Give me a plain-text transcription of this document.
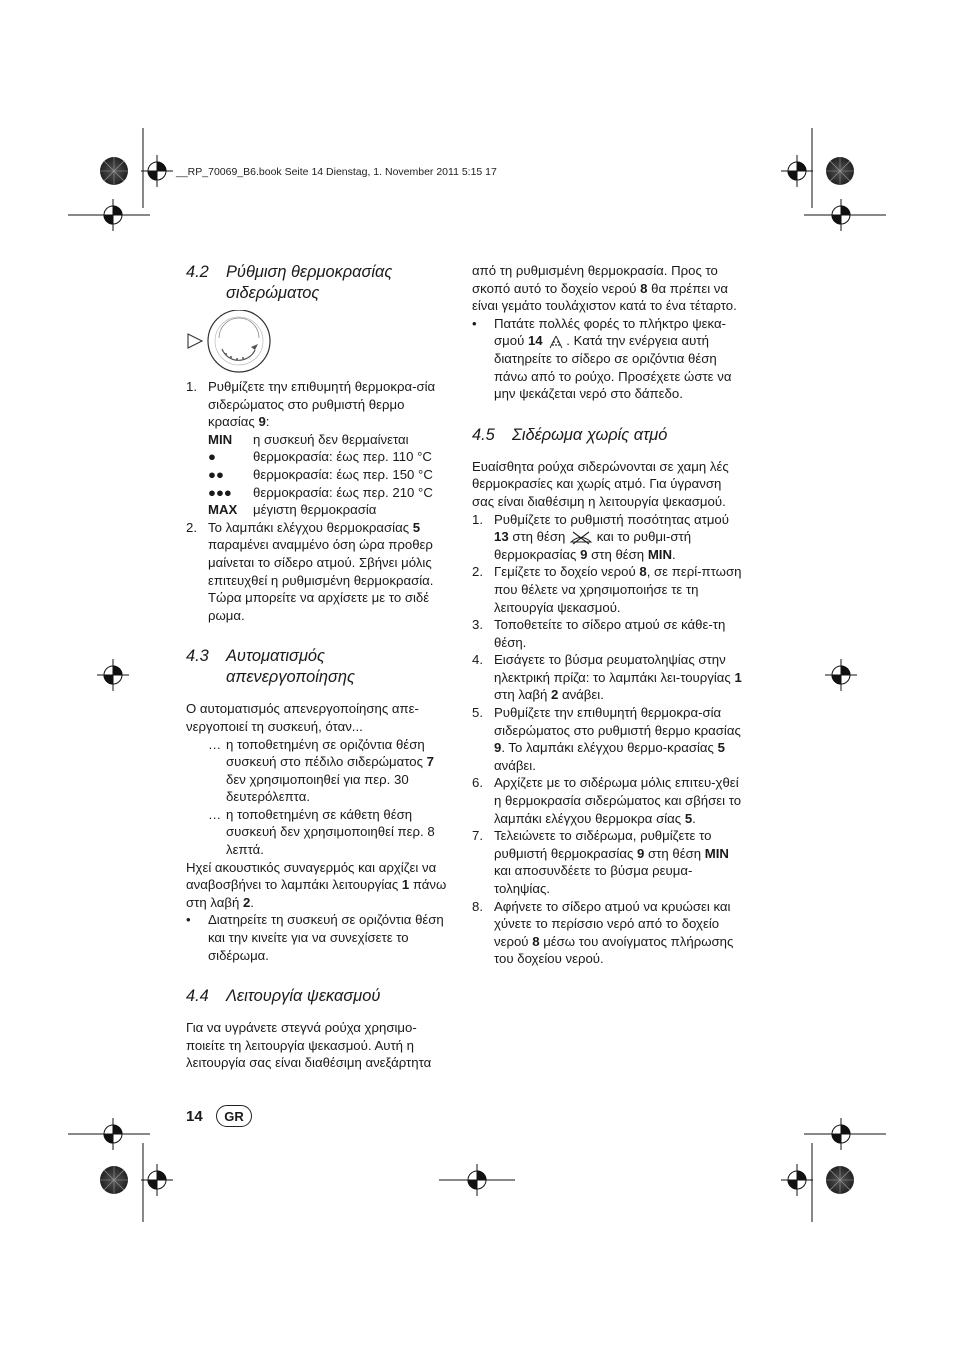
__RP_70069_B6.book Seite 14 Dienstag, 1. November 2011 5:15 17
4.2	Ρύθμιση θερμοκρασίας σιδερώματος
1. Ρυθμίζετε την επιθυμητή θερμοκρα-σία σιδερώματος στο ρυθμιστή θερμο κρασίας 9:
MIN	η συσκευή δεν θερμαίνεται
●	θερμοκρασία: έως περ. 110 °C
●●	θερμοκρασία: έως περ. 150 °C
●●●	θερμοκρασία: έως περ. 210 °C
MAX	μέγιστη θερμοκρασία
2. Το λαμπάκι ελέγχου θερμοκρασίας 5 παραμένει αναμμένο όση ώρα προθερ μαίνεται το σίδερο ατμού. Σβήνει μόλις επιτευχθεί η ρυθμισμένη θερμοκρασία. Τώρα μπορείτε να αρχίσετε με το σιδέ ρωμα.
4.3	Αυτοματισμός απενεργοποίησης

Ο αυτοματισμός απενεργοποίησης απε-νεργοποιεί τη συσκευή, όταν...

… η τοποθετημένη σε οριζόντια θέση συσκευή στο πέδιλο σιδερώματος 7 δεν χρησιμοποιηθεί για περ. 30 δευτερόλεπτα.
… η τοποθετημένη σε κάθετη θέση συσκευή δεν χρησιμοποιηθεί περ. 8 λεπτά.

Ηχεί ακουστικός συναγερμός και αρχίζει να αναβοσβήνει το λαμπάκι λειτουργίας 1 πάνω στη λαβή 2.

•	Διατηρείτε τη συσκευή σε οριζόντια θέση και την κινείτε για να συνεχίσετε το σιδέρωμα.
4.4	Λειτουργία ψεκασμού

Για να υγράνετε στεγνά ρούχα χρησιμο-ποιείτε τη λειτουργία ψεκασμού. Αυτή η λειτουργία σας είναι διαθέσιμη ανεξάρτητα

από τη ρυθμισμένη θερμοκρασία. Προς το σκοπό αυτό το δοχείο νερού 8 θα πρέπει να είναι γεμάτο τουλάχιστον κατά το ένα τέταρτο.

•	Πατάτε πολλές φορές το πλήκτρο ψεκα-σμού 14 . Κατά την ενέργεια αυτή διατηρείτε το σίδερο σε οριζόντια θέση πάνω από το ρούχο. Προσέχετε ώστε να μην ψεκάζεται νερό στο δάπεδο.
4.5	Σιδέρωμα χωρίς ατμό

Ευαίσθητα ρούχα σιδερώνονται σε χαμη λές θερμοκρασίες και χωρίς ατμό. Για ύγρανση σας είναι διαθέσιμη η λειτουργία ψεκασμού.

1. Ρυθμίζετε το ρυθμιστή ποσότητας ατμού 13 στη θέση  και το ρυθμι-στή θερμοκρασίας 9 στη θέση MIN.
2. Γεμίζετε το δοχείο νερού 8, σε περί-πτωση που θέλετε να χρησιμοποιήσε τε τη λειτουργία ψεκασμού.
3. Τοποθετείτε το σίδερο ατμού σε κάθε-τη θέση.
4. Εισάγετε το βύσμα ρευματοληψίας στην ηλεκτρική πρίζα: το λαμπάκι λει-τουργίας 1 στη λαβή 2 ανάβει.
5. Ρυθμίζετε την επιθυμητή θερμοκρα-σία σιδερώματος στο ρυθμιστή θερμο κρασίας 9. Το λαμπάκι ελέγχου θερμο-κρασίας 5 ανάβει.
6. Αρχίζετε με το σιδέρωμα μόλις επιτευ-χθεί η θερμοκρασία σιδερώματος και σβήσει το λαμπάκι ελέγχου θερμοκρα σίας 5.
7. Τελειώνετε το σιδέρωμα, ρυθμίζετε το ρυθμιστή θερμοκρασίας 9 στη θέση MIN και αποσυνδέετε το βύσμα ρευμα-τοληψίας.
8. Αφήνετε το σίδερο ατμού να κρυώσει και χύνετε το περίσσιο νερό από το δοχείο νερού 8 μέσω του ανοίγματος πλήρωσης του δοχείου νερού.
14	GR
